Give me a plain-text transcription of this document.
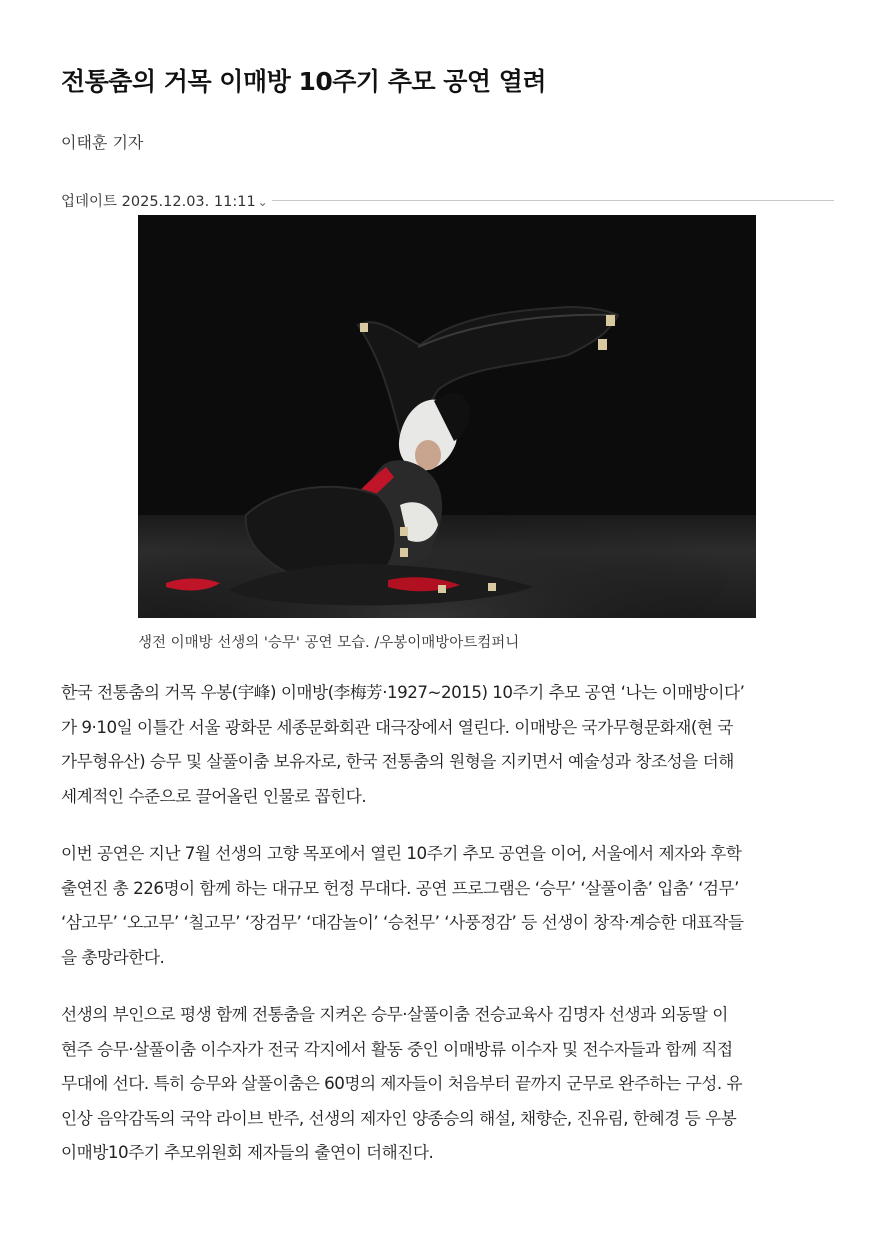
전통춤의 거목 이매방 10주기 추모 공연 열려
이태훈 기자
업데이트 2025.12.03. 11:11 ⌄
생전 이매방 선생의 '승무' 공연 모습. /우봉이매방아트컴퍼니
한국 전통춤의 거목 우봉(宇峰) 이매방(李梅芳·1927~2015) 10주기 추모 공연 ‘나는 이매방이다’
가 9·10일 이틀간 서울 광화문 세종문화회관 대극장에서 열린다. 이매방은 국가무형문화재(현 국
가무형유산) 승무 및 살풀이춤 보유자로, 한국 전통춤의 원형을 지키면서 예술성과 창조성을 더해
세계적인 수준으로 끌어올린 인물로 꼽힌다.
이번 공연은 지난 7월 선생의 고향 목포에서 열린 10주기 추모 공연을 이어, 서울에서 제자와 후학
출연진 총 226명이 함께 하는 대규모 헌정 무대다. 공연 프로그램은 ‘승무’ ‘살풀이춤’ 입춤’ ‘검무’
‘삼고무’ ‘오고무’ ‘칠고무’ ‘장검무’ ‘대감놀이’ ‘승천무’ ‘사풍정감’ 등 선생이 창작·계승한 대표작들
을 총망라한다.
선생의 부인으로 평생 함께 전통춤을 지켜온 승무·살풀이춤 전승교육사 김명자 선생과 외동딸 이
현주 승무·살풀이춤 이수자가 전국 각지에서 활동 중인 이매방류 이수자 및 전수자들과 함께 직접
무대에 선다. 특히 승무와 살풀이춤은 60명의 제자들이 처음부터 끝까지 군무로 완주하는 구성. 유
인상 음악감독의 국악 라이브 반주, 선생의 제자인 양종승의 해설, 채향순, 진유림, 한혜경 등 우봉
이매방10주기 추모위원회 제자들의 출연이 더해진다.
